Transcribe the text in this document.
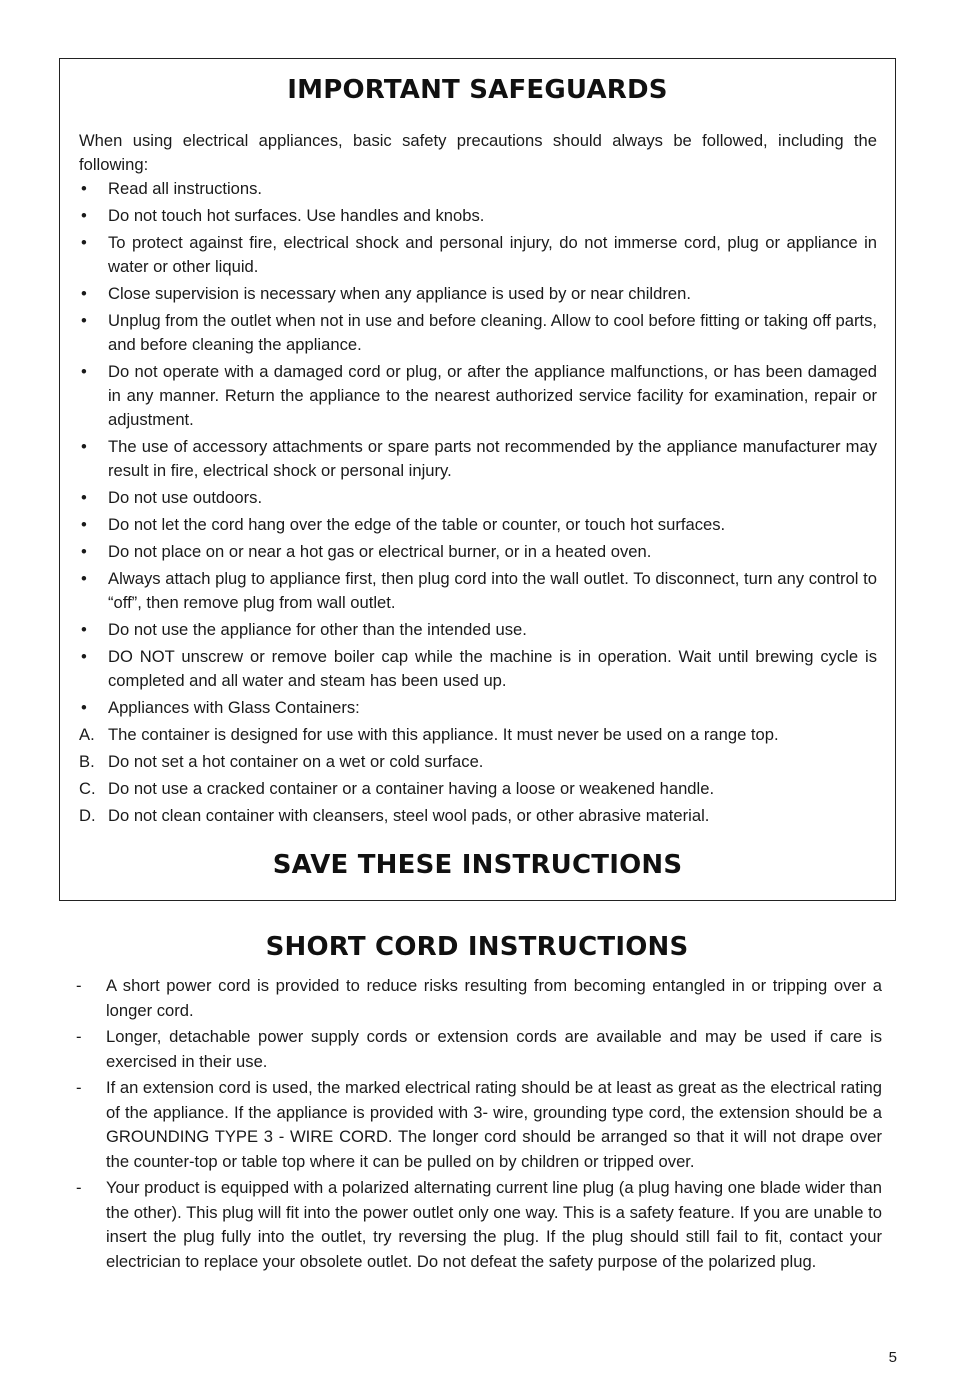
IMPORTANT SAFEGUARDS

When using electrical appliances, basic safety precautions should always be followed, including the following:

• Read all instructions.
• Do not touch hot surfaces. Use handles and knobs.
• To protect against fire, electrical shock and personal injury, do not immerse cord, plug or appliance in water or other liquid.
• Close supervision is necessary when any appliance is used by or near children.
• Unplug from the outlet when not in use and before cleaning. Allow to cool before fitting or taking off parts, and before cleaning the appliance.
• Do not operate with a damaged cord or plug, or after the appliance malfunctions, or has been damaged in any manner. Return the appliance to the nearest authorized service facility for examination, repair or adjustment.
• The use of accessory attachments or spare parts not recommended by the appliance manufacturer may result in fire, electrical shock or personal injury.
• Do not use outdoors.
• Do not let the cord hang over the edge of the table or counter, or touch hot surfaces.
• Do not place on or near a hot gas or electrical burner, or in a heated oven.
• Always attach plug to appliance first, then plug cord into the wall outlet. To disconnect, turn any control to “off”, then remove plug from wall outlet.
• Do not use the appliance for other than the intended use.
• DO NOT unscrew or remove boiler cap while the machine is in operation. Wait until brewing cycle is completed and all water and steam has been used up.
• Appliances with Glass Containers:
A. The container is designed for use with this appliance. It must never be used on a range top.
B. Do not set a hot container on a wet or cold surface.
C. Do not use a cracked container or a container having a loose or weakened handle.
D. Do not clean container with cleansers, steel wool pads, or other abrasive material.
SAVE THESE INSTRUCTIONS
SHORT CORD INSTRUCTIONS
- A short power cord is provided to reduce risks resulting from becoming entangled in or tripping over a longer cord.
- Longer, detachable power supply cords or extension cords are available and may be used if care is exercised in their use.
- If an extension cord is used, the marked electrical rating should be at least as great as the electrical rating of the appliance. If the appliance is provided with 3- wire, grounding type cord, the extension should be a GROUNDING TYPE 3 - WIRE CORD. The longer cord should be arranged so that it will not drape over the counter-top or table top where it can be pulled on by children or tripped over.
- Your product is equipped with a polarized alternating current line plug (a plug having one blade wider than the other). This plug will fit into the power outlet only one way. This is a safety feature. If you are unable to insert the plug fully into the outlet, try reversing the plug. If the plug should still fail to fit, contact your electrician to replace your obsolete outlet. Do not defeat the safety purpose of the polarized plug.
5
